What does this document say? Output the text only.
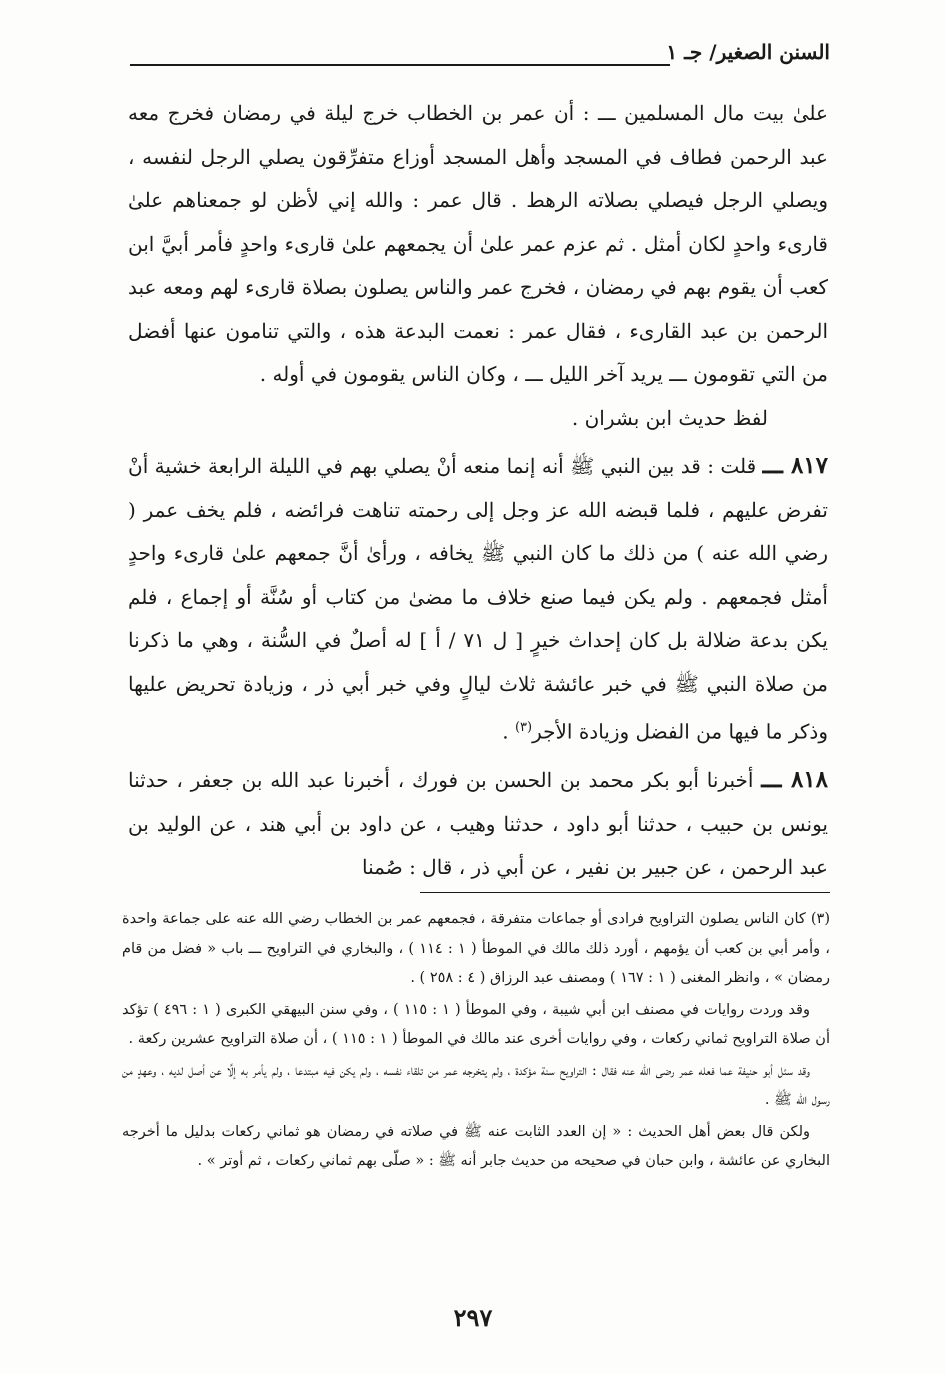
السنن الصغير/ جـ ١

علىٰ بيت مال المسلمين ـــ : أن عمر بن الخطاب خرج ليلة في رمضان فخرج معه عبد الرحمن فطاف في المسجد وأهل المسجد أوزاع متفرِّقون يصلي الرجل لنفسه ، ويصلي الرجل فيصلي بصلاته الرهط . قال عمر : والله إني لأظن لو جمعناهم علىٰ قارىء واحدٍ لكان أمثل . ثم عزم عمر علىٰ أن يجمعهم علىٰ قارىء واحدٍ فأمر أبيَّ ابن كعب أن يقوم بهم في رمضان ، فخرج عمر والناس يصلون بصلاة قارىء لهم ومعه عبد الرحمن بن عبد القارىء ، فقال عمر : نعمت البدعة هذه ، والتي تنامون عنها أفضل من التي تقومون ـــ يريد آخر الليل ـــ ، وكان الناس يقومون في أوله .

لفظ حديث ابن بشران .

٨١٧ ـــ قلت : قد بين النبي ﷺ أنه إنما منعه أنْ يصلي بهم في الليلة الرابعة خشية أنْ تفرض عليهم ، فلما قبضه الله عز وجل إلى رحمته تناهت فرائضه ، فلم يخف عمر ( رضي الله عنه ) من ذلك ما كان النبي ﷺ يخافه ، ورأىٰ أنَّ جمعهم علىٰ قارىء واحدٍ أمثل فجمعهم . ولم يكن فيما صنع خلاف ما مضىٰ من كتاب أو سُنَّة أو إجماع ، فلم يكن بدعة ضلالة بل كان إحداث خيرٍ [ ل ٧١ / أ ] له أصلٌ في السُّنة ، وهي ما ذكرنا من صلاة النبي ﷺ في خبر عائشة ثلاث ليالٍ وفي خبر أبي ذر ، وزيادة تحريض عليها وذكر ما فيها من الفضل وزيادة الأجر$^{(٣)}$ .

٨١٨ ـــ أخبرنا أبو بكر محمد بن الحسن بن فورك ، أخبرنا عبد الله بن جعفر ، حدثنا يونس بن حبيب ، حدثنا أبو داود ، حدثنا وهيب ، عن داود بن أبي هند ، عن الوليد بن عبد الرحمن ، عن جبير بن نفير ، عن أبي ذر ، قال : صُمنا

(٣) كان الناس يصلون التراويح فرادى أو جماعات متفرقة ، فجمعهم عمر بن الخطاب رضي الله عنه على جماعة واحدة ، وأمر أبي بن كعب أن يؤمهم ، أورد ذلك مالك في الموطأ ( ١ : ١١٤ ) ، والبخاري في التراويح ـــ باب « فضل من قام رمضان » ، وانظر المغنى ( ١ : ١٦٧ ) ومصنف عبد الرزاق ( ٤ : ٢٥٨ ) .

وقد وردت روايات في مصنف ابن أبي شيبة ، وفي الموطأ ( ١ : ١١٥ ) ، وفي سنن البيهقي الكبرى ( ١ : ٤٩٦ ) تؤكد أن صلاة التراويح ثماني ركعات ، وفي روايات أخرى عند مالك في الموطأ ( ١ : ١١٥ ) ، أن صلاة التراويح عشرين ركعة .

وقد سئل أبو حنيفة عما فعله عمر رضى الله عنه فقال : التراويح سنة مؤكدة ، ولم يتخرجه عمر من تلقاء نفسه ، ولم يكن فيه مبتدعا ، ولم يأمر به إلَّا عن أصل لديه ، وعهدٍ من رسول الله ﷺ .

ولكن قال بعض أهل الحديث : « إن العدد الثابت عنه ﷺ في صلاته في رمضان هو ثماني ركعات بدليل ما أخرجه البخاري عن عائشة ، وابن حبان في صحيحه من حديث جابر أنه ﷺ : « صلّى بهم ثماني ركعات ، ثم أوتر » .

٢٩٧
